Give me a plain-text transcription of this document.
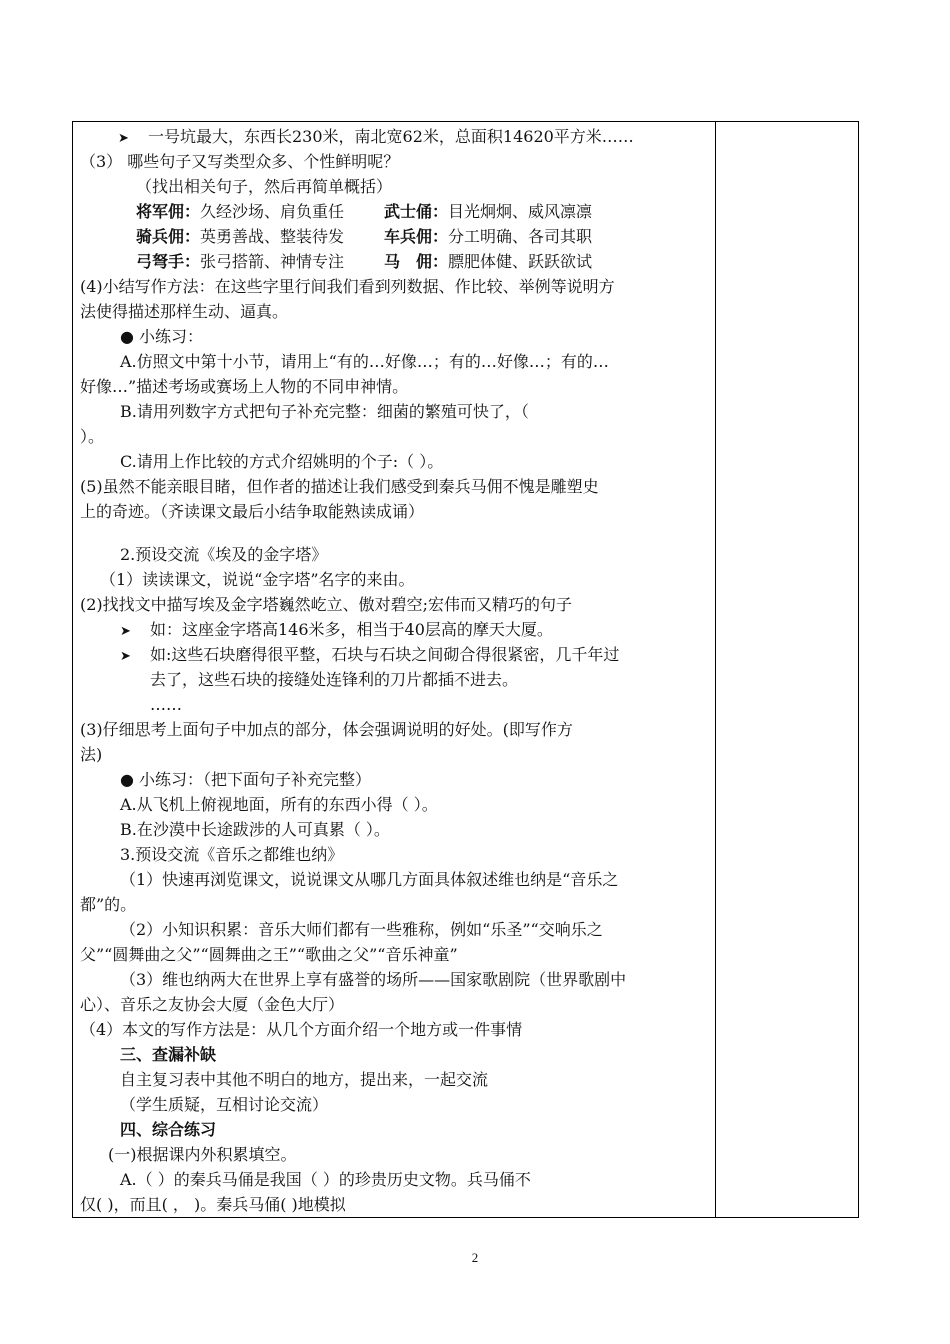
➤ 一号坑最大，东西长230米，南北宽62米，总面积14620平方米……
（3） 哪些句子又写类型众多、个性鲜明呢？
（找出相关句子，然后再简单概括）
将军佣：久经沙场、肩负重任	武士俑：目光炯炯、威风凛凛
骑兵佣：英勇善战、整装待发	车兵佣：分工明确、各司其职
弓弩手：张弓搭箭、神情专注	马　佣：膘肥体健、跃跃欲试
(4)小结写作方法：在这些字里行间我们看到列数据、作比较、举例等说明方
法使得描述那样生动、逼真。
● 小练习：
A.仿照文中第十小节，请用上“有的…好像…；有的…好像…；有的…
好像…”描述考场或赛场上人物的不同申神情。
B.请用列数字方式把句子补充完整：细菌的繁殖可快了，（
）。
C.请用上作比较的方式介绍姚明的个子:（ ）。
(5)虽然不能亲眼目睹，但作者的描述让我们感受到秦兵马佣不愧是雕塑史
上的奇迹。（齐读课文最后小结争取能熟读成诵）
2.预设交流《埃及的金字塔》
（1）读读课文，说说“金字塔”名字的来由。
(2)找找文中描写埃及金字塔巍然屹立、傲对碧空;宏伟而又精巧的句子
➤ 如：这座金字塔高146米多，相当于40层高的摩天大厦。
➤ 如:这些石块磨得很平整，石块与石块之间砌合得很紧密，几千年过
去了，这些石块的接缝处连锋利的刀片都插不进去。
……
(3)仔细思考上面句子中加点的部分，体会强调说明的好处。(即写作方
法)
● 小练习：（把下面句子补充完整）
A.从飞机上俯视地面，所有的东西小得（ ）。
B.在沙漠中长途跋涉的人可真累（ ）。
3.预设交流《音乐之都维也纳》
（1）快速再浏览课文，说说课文从哪几方面具体叙述维也纳是“音乐之
都”的。
（2）小知识积累：音乐大师们都有一些雅称，例如“乐圣”“交响乐之
父”“圆舞曲之父”“圆舞曲之王”“歌曲之父”“音乐神童”
（3）维也纳两大在世界上享有盛誉的场所——国家歌剧院（世界歌剧中
心）、音乐之友协会大厦（金色大厅）
（4）本文的写作方法是：从几个方面介绍一个地方或一件事情
三、查漏补缺
自主复习表中其他不明白的地方，提出来，一起交流
（学生质疑，互相讨论交流）
四、综合练习
(一)根据课内外积累填空。
A.（ ）的秦兵马俑是我国（ ）的珍贵历史文物。兵马俑不
仅( )，而且( ， )。秦兵马俑( )地模拟
2
